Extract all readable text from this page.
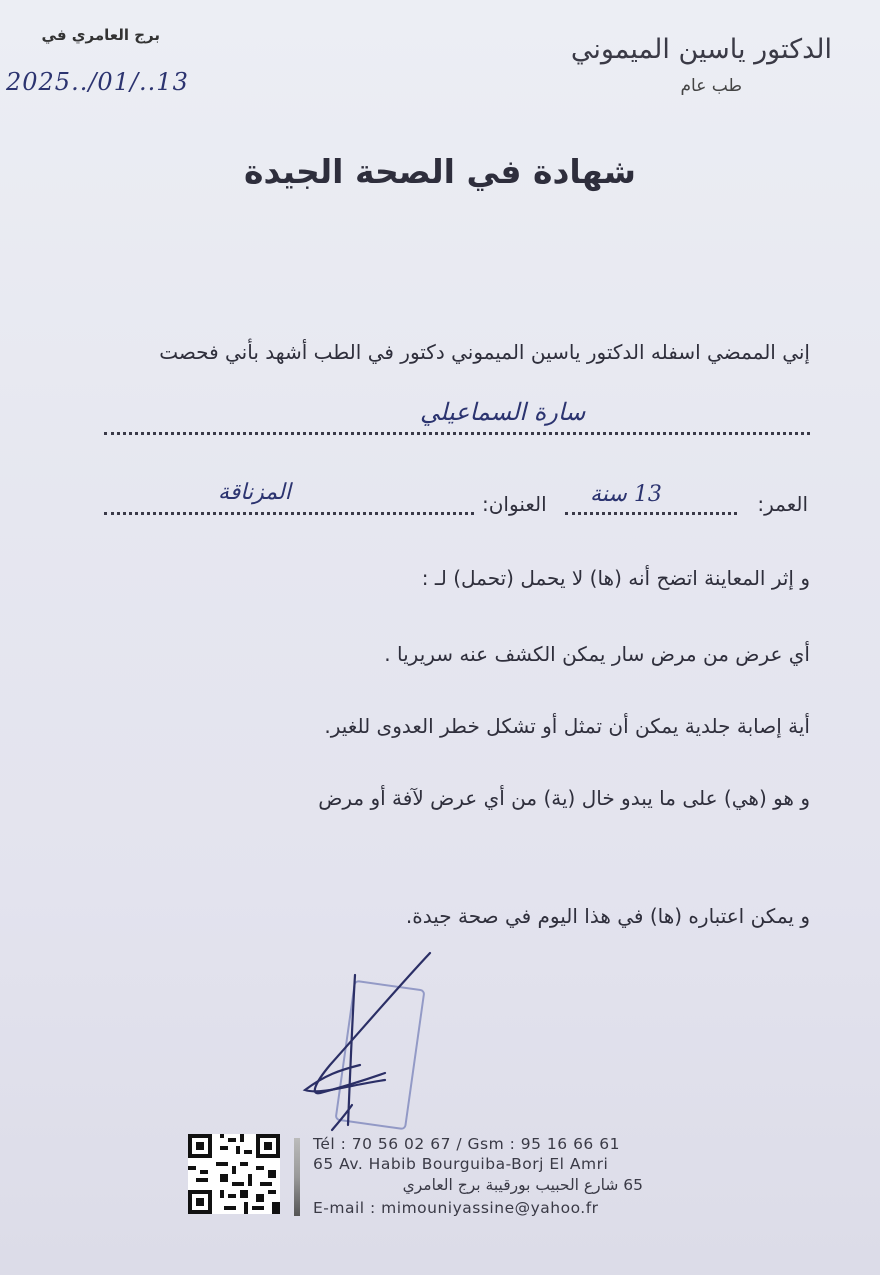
برج العامري في
2025../01/..13
الدكتور ياسين الميموني
طب عام
شهادة في الصحة الجيدة
إني الممضي اسفله الدكتور ياسين الميموني دكتور في الطب أشهد بأني فحصت
سارة السماعيلي
العمر:
13 سنة
العنوان:
المزناقة
و إثر المعاينة اتضح أنه (ها) لا يحمل (تحمل) لـ :
أي عرض من مرض سار يمكن الكشف عنه سريريا .
أية إصابة جلدية يمكن أن تمثل أو تشكل خطر العدوى للغير.
و هو (هي) على ما يبدو خال (ية) من أي عرض لآفة أو مرض
و يمكن اعتباره (ها) في هذا اليوم في صحة جيدة.
Tél : 70 56 02 67 / Gsm : 95 16 66 61
65 Av. Habib Bourguiba-Borj El Amri
65 شارع الحبيب بورقيبة برج العامري
E-mail : mimouniyassine@yahoo.fr
